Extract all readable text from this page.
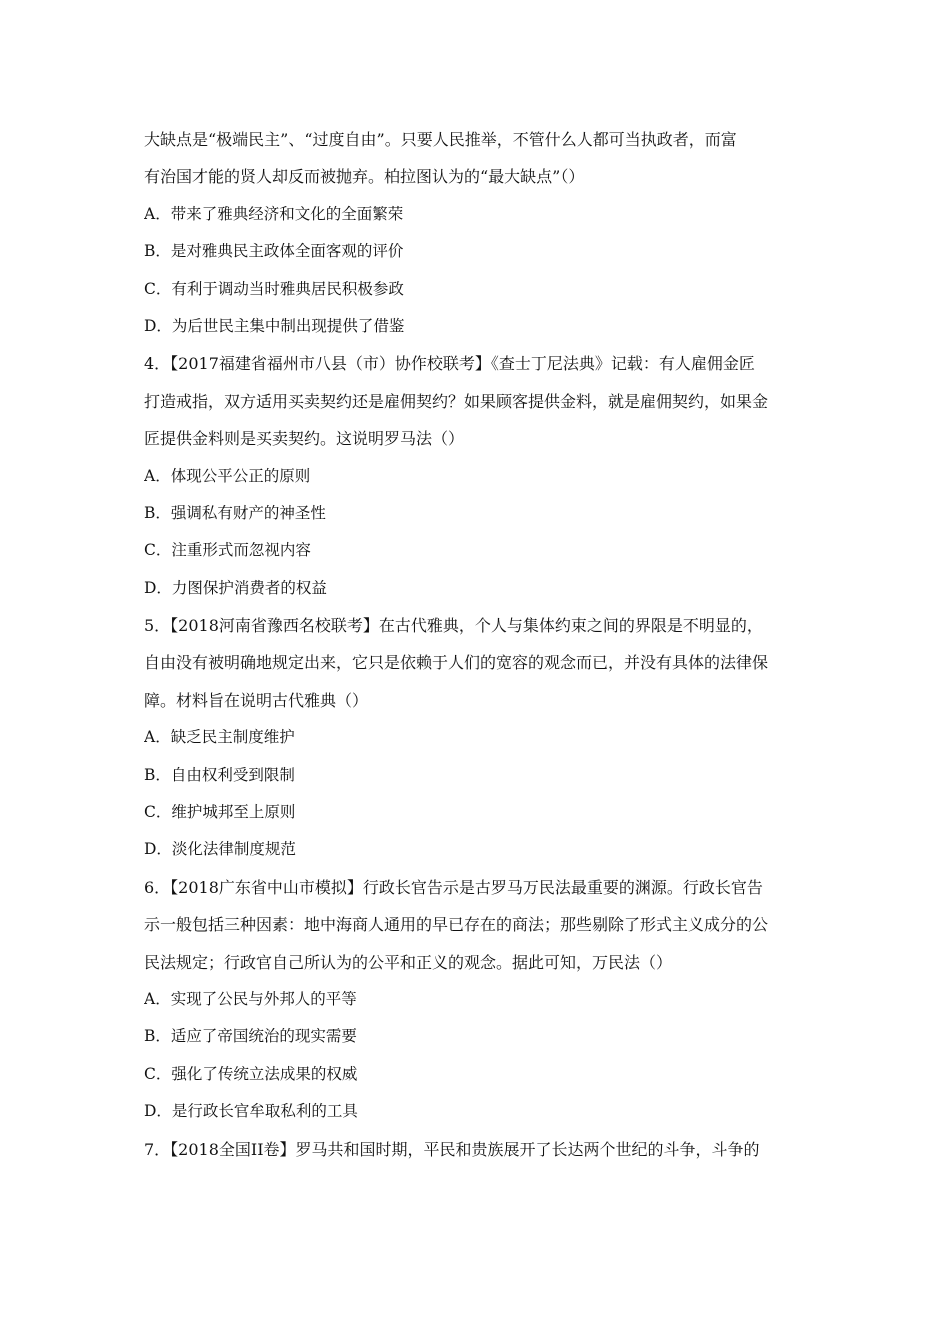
大缺点是“极端民主”、“过度自由”。只要人民推举，不管什么人都可当执政者，而富
有治国才能的贤人却反而被抛弃。柏拉图认为的“最大缺点”（）
A．带来了雅典经济和文化的全面繁荣
B．是对雅典民主政体全面客观的评价
C．有利于调动当时雅典居民积极参政
D．为后世民主集中制出现提供了借鉴
4．【2017福建省福州市八县（市）协作校联考】《查士丁尼法典》记载：有人雇佣金匠
打造戒指，双方适用买卖契约还是雇佣契约？如果顾客提供金料，就是雇佣契约，如果金
匠提供金料则是买卖契约。这说明罗马法（）
A．体现公平公正的原则
B．强调私有财产的神圣性
C．注重形式而忽视内容
D．力图保护消费者的权益
5．【2018河南省豫西名校联考】在古代雅典，个人与集体约束之间的界限是不明显的，
自由没有被明确地规定出来，它只是依赖于人们的宽容的观念而已，并没有具体的法律保
障。材料旨在说明古代雅典（）
A．缺乏民主制度维护
B．自由权利受到限制
C．维护城邦至上原则
D．淡化法律制度规范
6．【2018广东省中山市模拟】行政长官告示是古罗马万民法最重要的渊源。行政长官告
示一般包括三种因素：地中海商人通用的早已存在的商法；那些剔除了形式主义成分的公
民法规定；行政官自己所认为的公平和正义的观念。据此可知，万民法（）
A．实现了公民与外邦人的平等
B．适应了帝国统治的现实需要
C．强化了传统立法成果的权威
D．是行政长官牟取私利的工具
7．【2018全国II卷】罗马共和国时期，平民和贵族展开了长达两个世纪的斗争，斗争的
